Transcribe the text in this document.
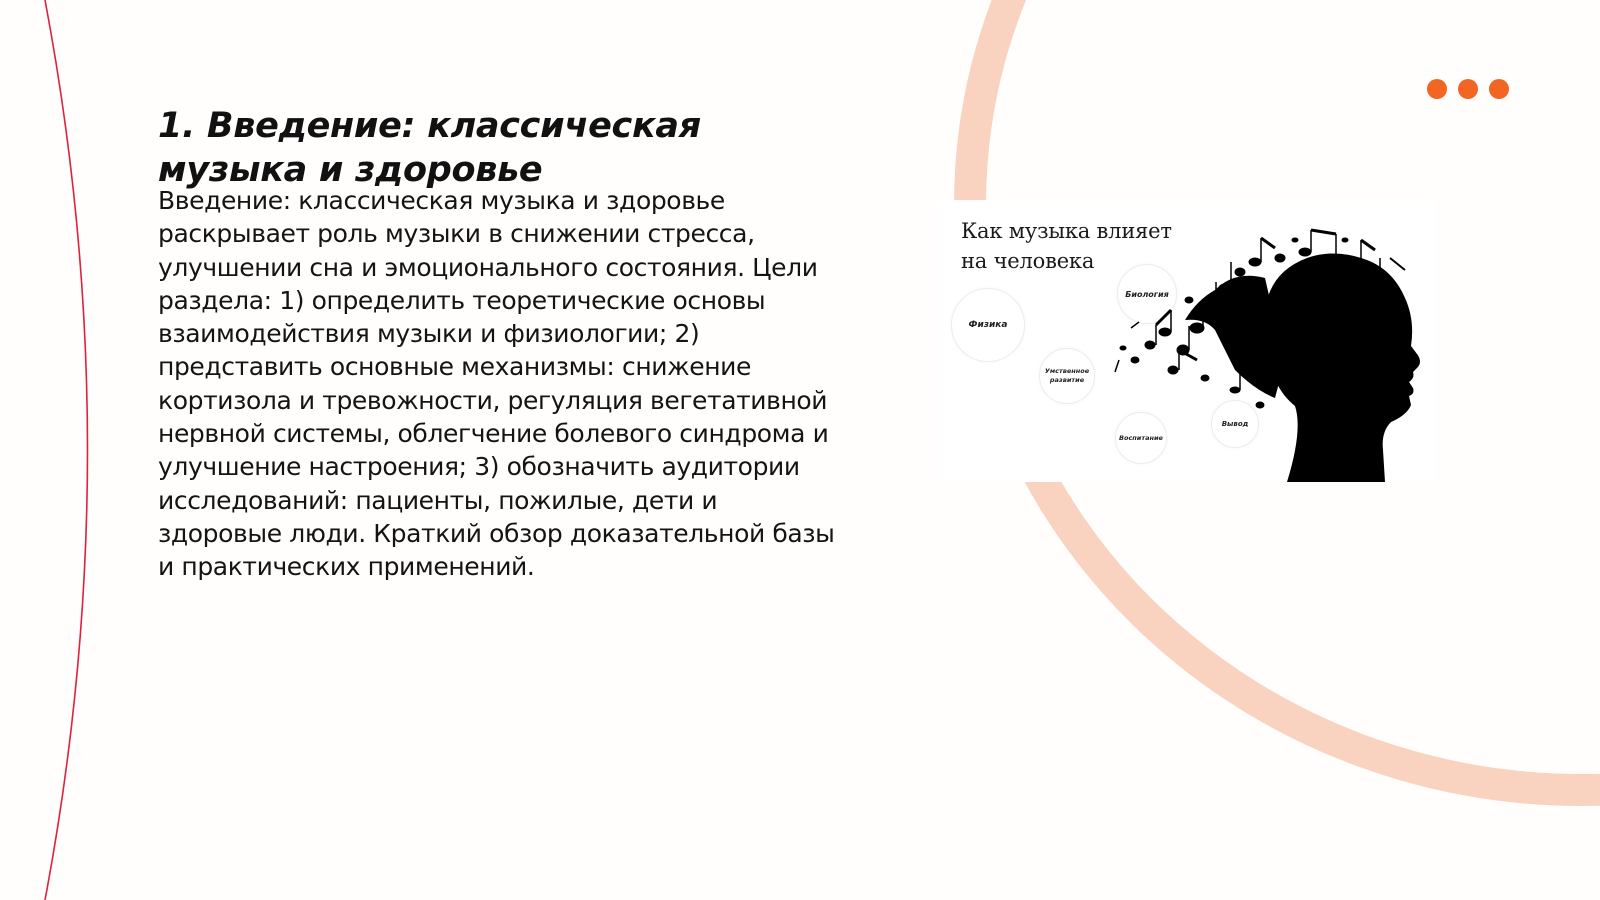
1. Введение: классическая музыка и здоровье

Введение: классическая музыка и здоровье раскрывает роль музыки в снижении стресса, улучшении сна и эмоционального состояния. Цели раздела: 1) определить теоретические основы взаимодействия музыки и физиологии; 2) представить основные механизмы: снижение кортизола и тревожности, регуляция вегетативной нервной системы, облегчение болевого синдрома и улучшение настроения; 3) обозначить аудитории исследований: пациенты, пожилые, дети и здоровые люди. Краткий обзор доказательной базы и практических применений.

Как музыка влияет
на человека
Физика
Биология
Умственное развитие
Воспитание
Вывод
